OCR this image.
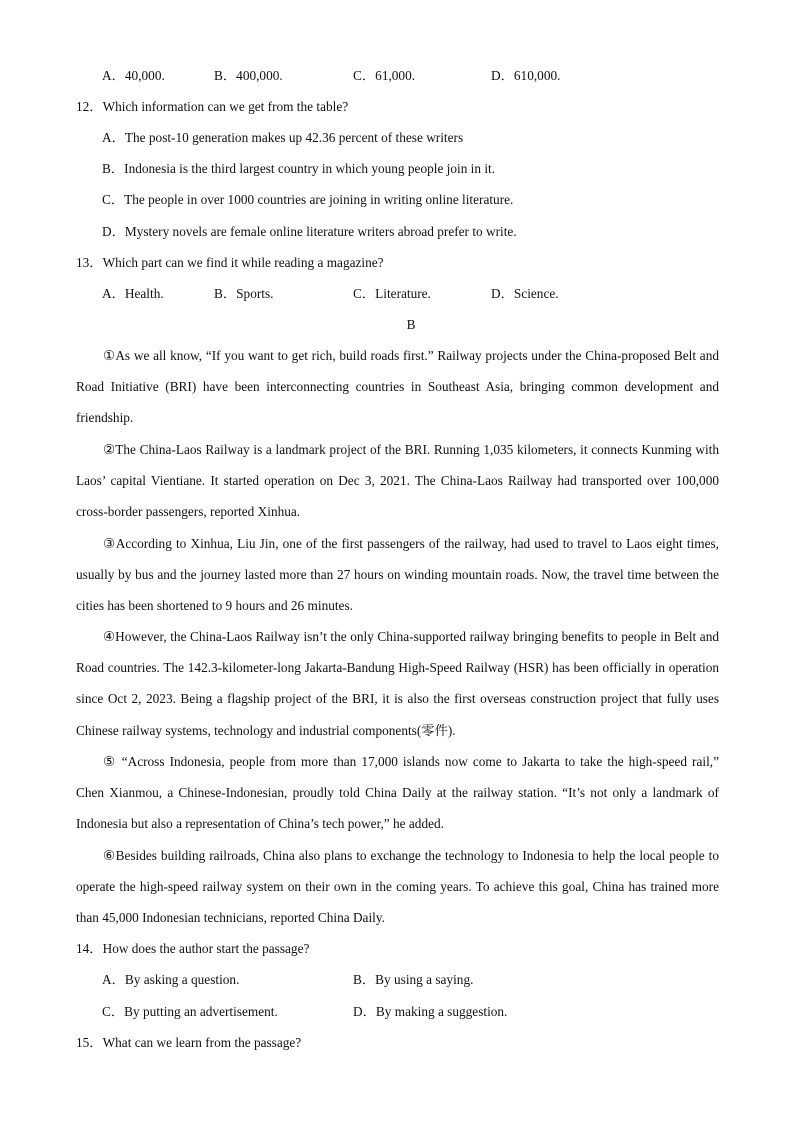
A．40,000.	B．400,000.	C．61,000.	D．610,000.
12．Which information can we get from the table?
A．The post-10 generation makes up 42.36 percent of these writers
B．Indonesia is the third largest country in which young people join in it.
C．The people in over 1000 countries are joining in writing online literature.
D．Mystery novels are female online literature writers abroad prefer to write.
13．Which part can we find it while reading a magazine?
A．Health.	B．Sports.	C．Literature.	D．Science.
B

①As we all know, “If you want to get rich, build roads first.” Railway projects under the China-proposed Belt and Road Initiative (BRI) have been interconnecting countries in Southeast Asia, bringing common development and friendship.

②The China-Laos Railway is a landmark project of the BRI. Running 1,035 kilometers, it connects Kunming with Laos’ capital Vientiane. It started operation on Dec 3, 2021. The China-Laos Railway had transported over 100,000 cross-border passengers, reported Xinhua.

③According to Xinhua, Liu Jin, one of the first passengers of the railway, had used to travel to Laos eight times, usually by bus and the journey lasted more than 27 hours on winding mountain roads. Now, the travel time between the cities has been shortened to 9 hours and 26 minutes.

④However, the China-Laos Railway isn’t the only China-supported railway bringing benefits to people in Belt and Road countries. The 142.3-kilometer-long Jakarta-Bandung High-Speed Railway (HSR) has been officially in operation since Oct 2, 2023. Being a flagship project of the BRI, it is also the first overseas construction project that fully uses Chinese railway systems, technology and industrial components(零件).

⑤ “Across Indonesia, people from more than 17,000 islands now come to Jakarta to take the high-speed rail,” Chen Xianmou, a Chinese-Indonesian, proudly told China Daily at the railway station. “It’s not only a landmark of Indonesia but also a representation of China’s tech power,” he added.

⑥Besides building railroads, China also plans to exchange the technology to Indonesia to help the local people to operate the high-speed railway system on their own in the coming years. To achieve this goal, China has trained more than 45,000 Indonesian technicians, reported China Daily.

14．How does the author start the passage?
A．By asking a question.	B．By using a saying.
C．By putting an advertisement.	D．By making a suggestion.
15．What can we learn from the passage?
